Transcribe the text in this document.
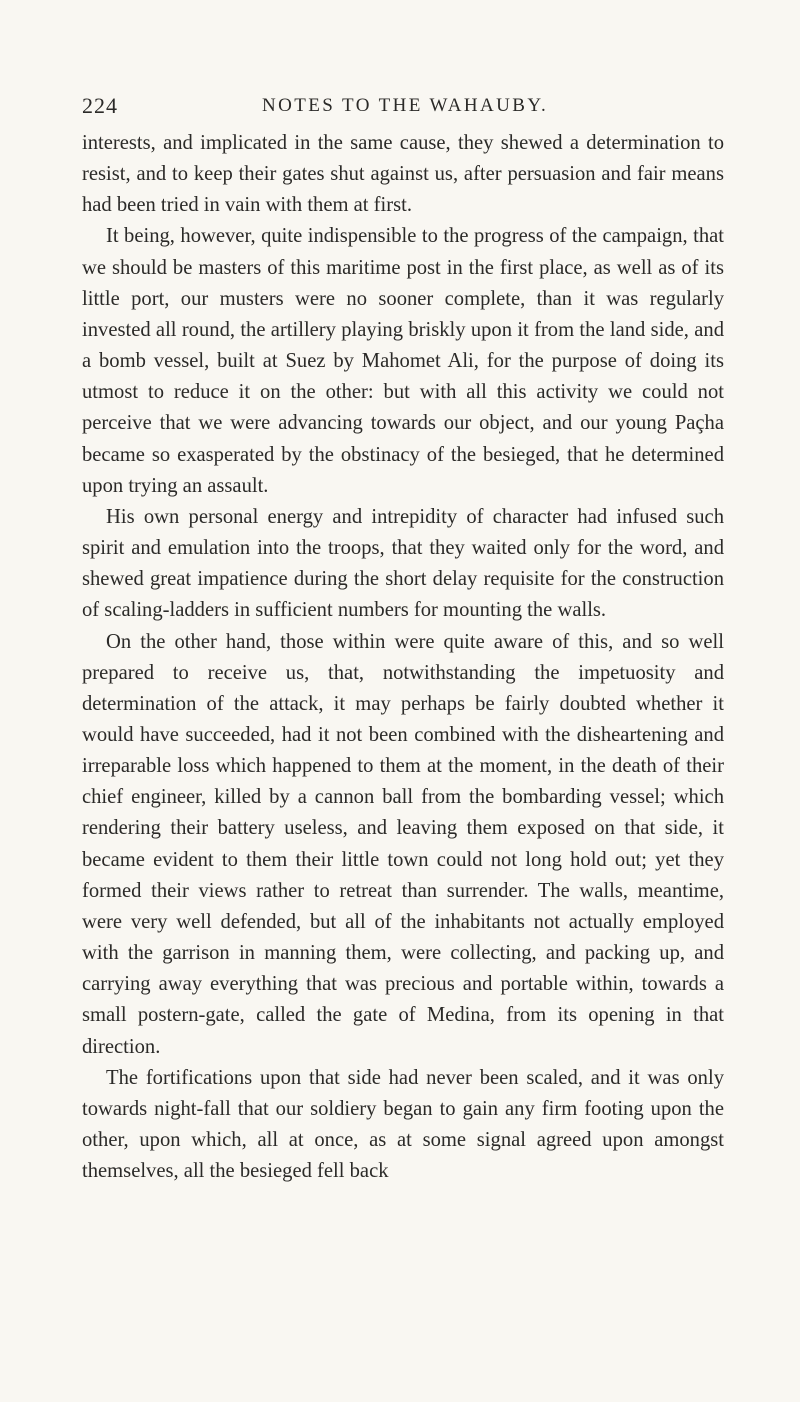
224	NOTES TO THE WAHAUBY.

interests, and implicated in the same cause, they shewed a determination to resist, and to keep their gates shut against us, after persuasion and fair means had been tried in vain with them at first.

It being, however, quite indispensible to the progress of the campaign, that we should be masters of this maritime post in the first place, as well as of its little port, our musters were no sooner complete, than it was regularly invested all round, the artillery playing briskly upon it from the land side, and a bomb vessel, built at Suez by Mahomet Ali, for the purpose of doing its utmost to reduce it on the other: but with all this activity we could not perceive that we were advancing towards our object, and our young Paçha became so exasperated by the obstinacy of the besieged, that he determined upon trying an assault.

His own personal energy and intrepidity of character had infused such spirit and emulation into the troops, that they waited only for the word, and shewed great impatience during the short delay requisite for the construction of scaling-ladders in sufficient numbers for mounting the walls.

On the other hand, those within were quite aware of this, and so well prepared to receive us, that, notwithstanding the impetuosity and determination of the attack, it may perhaps be fairly doubted whether it would have succeeded, had it not been combined with the disheartening and irreparable loss which happened to them at the moment, in the death of their chief engineer, killed by a cannon ball from the bombarding vessel; which rendering their battery useless, and leaving them exposed on that side, it became evident to them their little town could not long hold out; yet they formed their views rather to retreat than surrender. The walls, meantime, were very well defended, but all of the inhabitants not actually employed with the garrison in manning them, were collecting, and packing up, and carrying away everything that was precious and portable within, towards a small postern-gate, called the gate of Medina, from its opening in that direction.

The fortifications upon that side had never been scaled, and it was only towards night-fall that our soldiery began to gain any firm footing upon the other, upon which, all at once, as at some signal agreed upon amongst themselves, all the besieged fell back
